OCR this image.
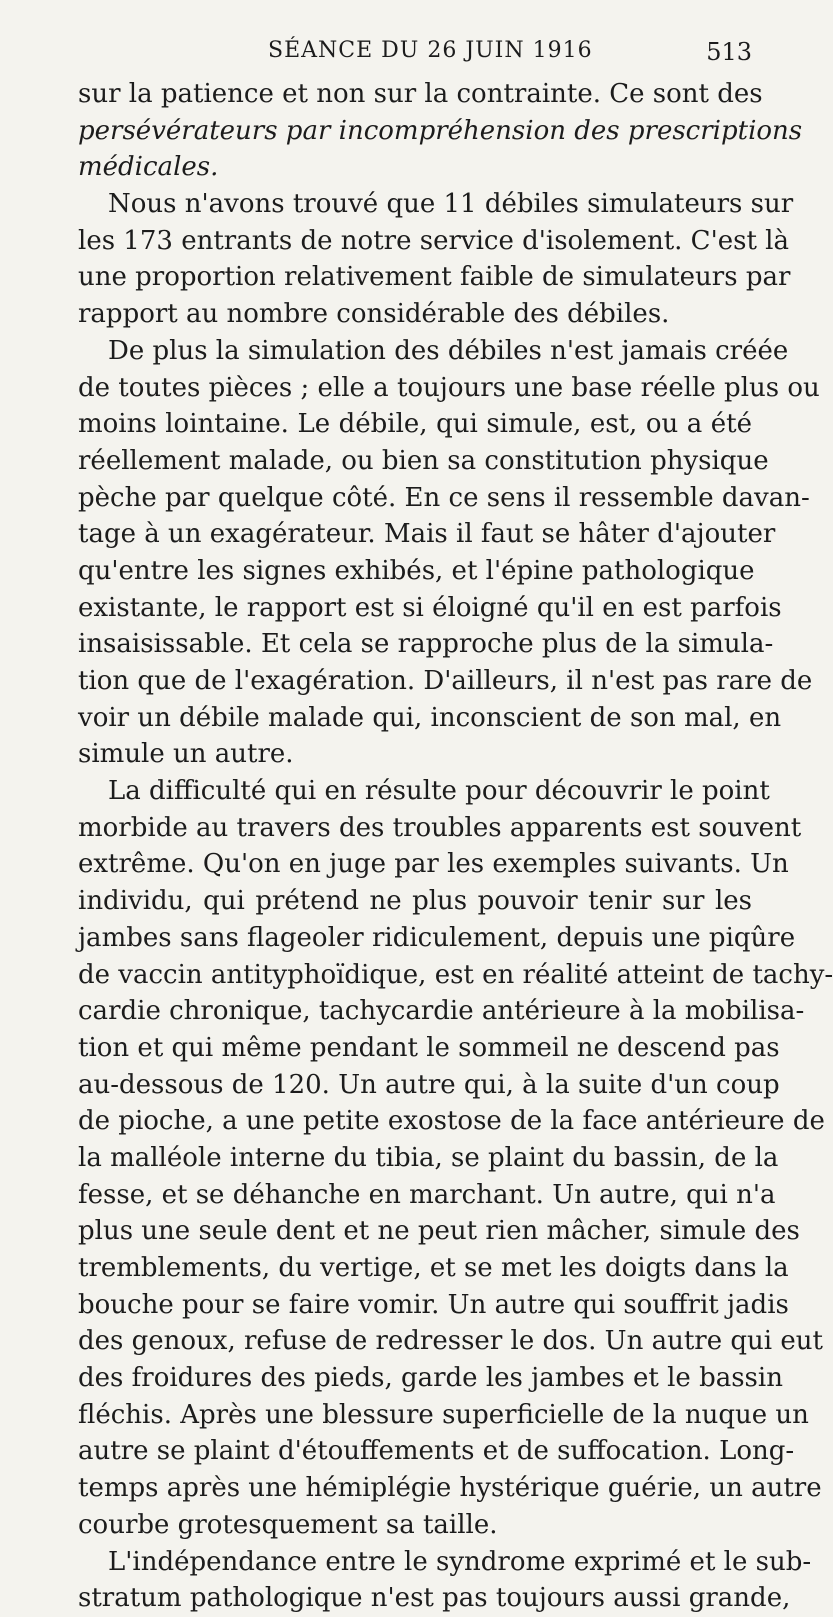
SÉANCE DU 26 JUIN 1916	513
sur la patience et non sur la contrainte. Ce sont des
persévérateurs par incompréhension des prescriptions
médicales.
Nous n'avons trouvé que 11 débiles simulateurs sur
les 173 entrants de notre service d'isolement. C'est là
une proportion relativement faible de simulateurs par
rapport au nombre considérable des débiles.
De plus la simulation des débiles n'est jamais créée
de toutes pièces ; elle a toujours une base réelle plus ou
moins lointaine. Le débile, qui simule, est, ou a été
réellement malade, ou bien sa constitution physique
pèche par quelque côté. En ce sens il ressemble davan-
tage à un exagérateur. Mais il faut se hâter d'ajouter
qu'entre les signes exhibés, et l'épine pathologique
existante, le rapport est si éloigné qu'il en est parfois
insaisissable. Et cela se rapproche plus de la simula-
tion que de l'exagération. D'ailleurs, il n'est pas rare de
voir un débile malade qui, inconscient de son mal, en
simule un autre.
La difficulté qui en résulte pour découvrir le point
morbide au travers des troubles apparents est souvent
extrême. Qu'on en juge par les exemples suivants. Un
individu, qui prétend ne plus pouvoir tenir sur les
jambes sans flageoler ridiculement, depuis une piqûre
de vaccin antityphoïdique, est en réalité atteint de tachy-
cardie chronique, tachycardie antérieure à la mobilisa-
tion et qui même pendant le sommeil ne descend pas
au-dessous de 120. Un autre qui, à la suite d'un coup
de pioche, a une petite exostose de la face antérieure de
la malléole interne du tibia, se plaint du bassin, de la
fesse, et se déhanche en marchant. Un autre, qui n'a
plus une seule dent et ne peut rien mâcher, simule des
tremblements, du vertige, et se met les doigts dans la
bouche pour se faire vomir. Un autre qui souffrit jadis
des genoux, refuse de redresser le dos. Un autre qui eut
des froidures des pieds, garde les jambes et le bassin
fléchis. Après une blessure superficielle de la nuque un
autre se plaint d'étouffements et de suffocation. Long-
temps après une hémiplégie hystérique guérie, un autre
courbe grotesquement sa taille.
L'indépendance entre le syndrome exprimé et le sub-
stratum pathologique n'est pas toujours aussi grande,
